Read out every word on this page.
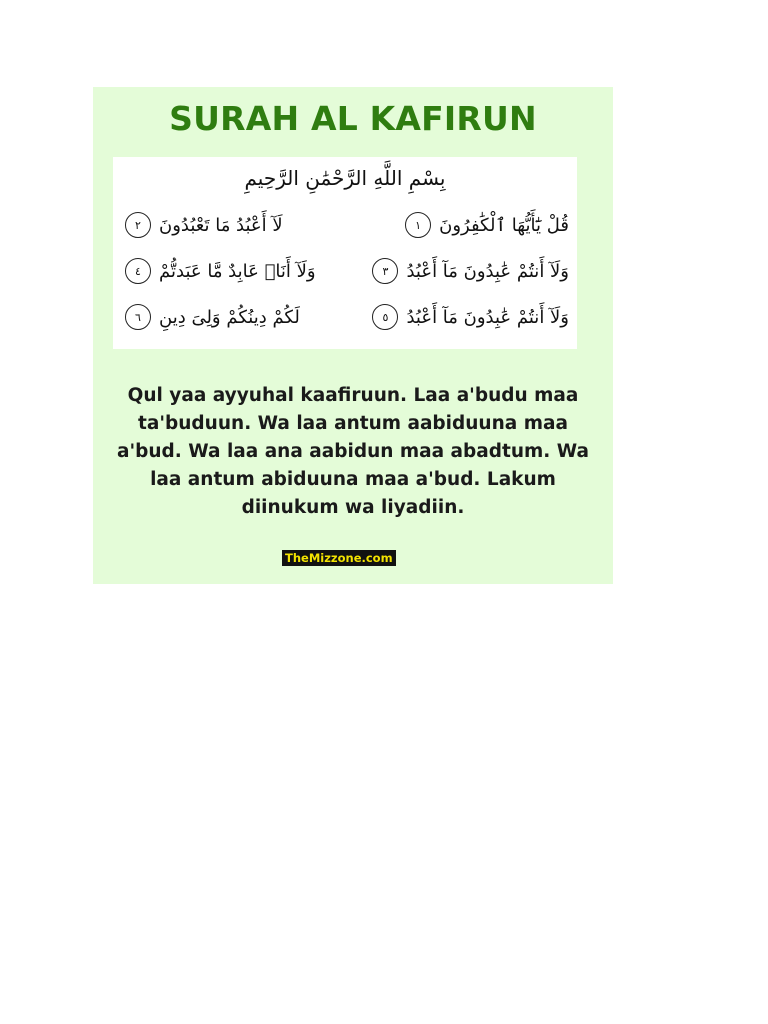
SURAH AL KAFIRUN
بِسْمِ اللَّهِ الرَّحْمَٰنِ الرَّحِيمِ
قُلْ يَٰٓأَيُّهَا ٱلْكَٰفِرُونَ
١
لَآ أَعْبُدُ مَا تَعْبُدُونَ
٢
وَلَآ أَنتُمْ عَٰبِدُونَ مَآ أَعْبُدُ
٣
وَلَآ أَنَا۠ عَابِدٌ مَّا عَبَدتُّمْ
٤
وَلَآ أَنتُمْ عَٰبِدُونَ مَآ أَعْبُدُ
٥
لَكُمْ دِينُكُمْ وَلِىَ دِينِ
٦
Qul yaa ayyuhal kaafiruun. Laa a'budu maa ta'buduun. Wa laa antum aabiduuna maa a'bud. Wa laa ana aabidun maa abadtum. Wa laa antum abiduuna maa a'bud. Lakum diinukum wa liyadiin.
TheMizzone.com
